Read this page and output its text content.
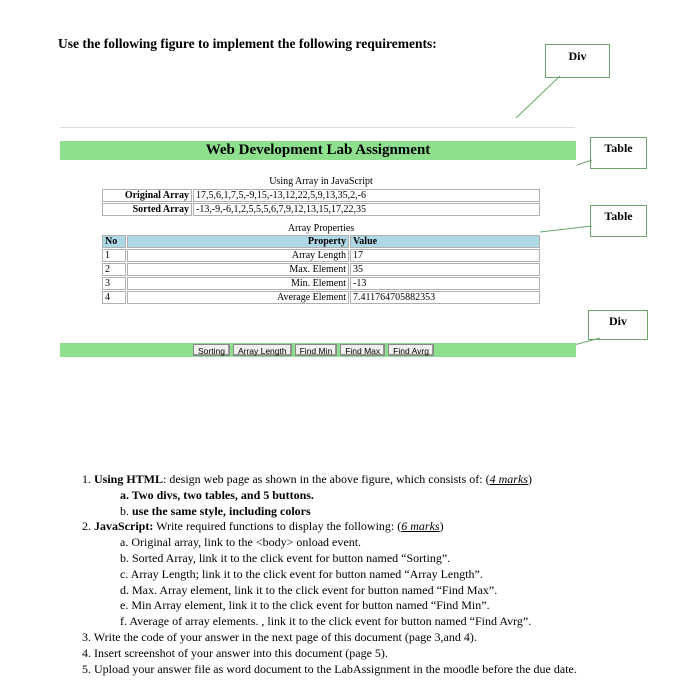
Use the following figure to implement the following requirements:
Div
Table
Table
Div
Web Development Lab Assignment
Using Array in JavaScript
Original Array	17,5,6,1,7,5,-9,15,-13,12,22,5,9,13,35,2,-6
Sorted Array	-13,-9,-6,1,2,5,5,5,6,7,9,12,13,15,17,22,35
Array Properties
No	Property	Value
1	Array Length	17
2	Max. Element	35
3	Min. Element	-13
4	Average Element	7.411764705882353
Sorting	Array Length	Find Min	Find Max	Find Avrg
1. Using HTML: design web page as shown in the above figure, which consists of: (4 marks)
a. Two divs, two tables, and 5 buttons.
b. use the same style, including colors
2. JavaScript: Write required functions to display the following: (6 marks)
a. Original array, link to the <body> onload event.
b. Sorted Array, link it to the click event for button named “Sorting”.
c. Array Length; link it to the click event for button named “Array Length”.
d. Max. Array element, link it to the click event for button named “Find Max”.
e. Min Array element, link it to the click event for button named “Find Min”.
f. Average of array elements. , link it to the click event for button named “Find Avrg”.
3. Write the code of your answer in the next page of this document (page 3,and 4).
4. Insert screenshot of your answer into this document (page 5).
5. Upload your answer file as word document to the LabAssignment in the moodle before the due date.
